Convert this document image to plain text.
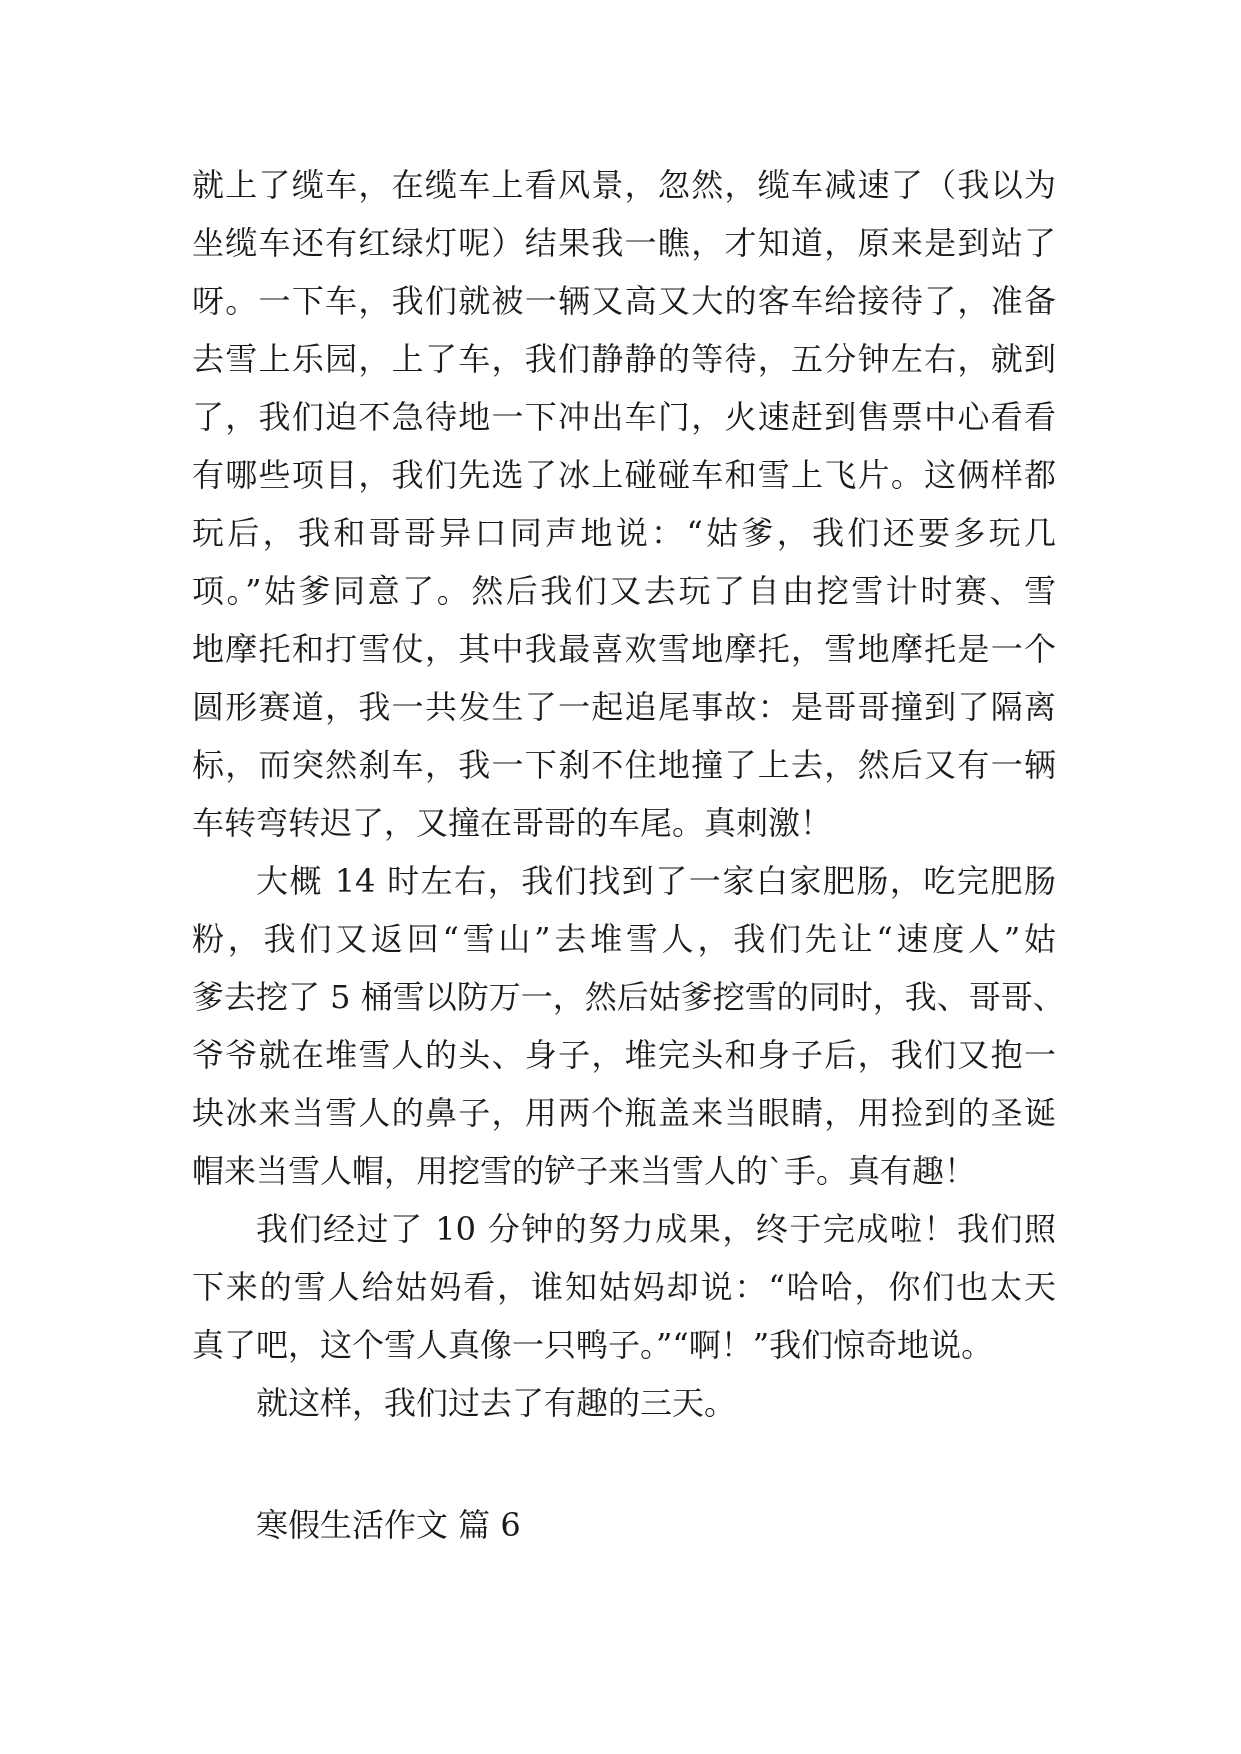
就上了缆车，在缆车上看风景，忽然，缆车减速了（我以为
坐缆车还有红绿灯呢）结果我一瞧，才知道，原来是到站了
呀。一下车，我们就被一辆又高又大的客车给接待了，准备
去雪上乐园，上了车，我们静静的等待，五分钟左右，就到
了，我们迫不急待地一下冲出车门，火速赶到售票中心看看
有哪些项目，我们先选了冰上碰碰车和雪上飞片。这俩样都
玩后，我和哥哥异口同声地说：“姑爹，我们还要多玩几
项。”姑爹同意了。然后我们又去玩了自由挖雪计时赛、雪
地摩托和打雪仗，其中我最喜欢雪地摩托，雪地摩托是一个
圆形赛道，我一共发生了一起追尾事故：是哥哥撞到了隔离
标，而突然刹车，我一下刹不住地撞了上去，然后又有一辆
车转弯转迟了，又撞在哥哥的车尾。真刺激！
大概 14 时左右，我们找到了一家白家肥肠，吃完肥肠
粉，我们又返回“雪山”去堆雪人，我们先让“速度人”姑
爹去挖了 5 桶雪以防万一，然后姑爹挖雪的同时，我、哥哥、
爷爷就在堆雪人的头、身子，堆完头和身子后，我们又抱一
块冰来当雪人的鼻子，用两个瓶盖来当眼睛，用捡到的圣诞
帽来当雪人帽，用挖雪的铲子来当雪人的`手。真有趣！
我们经过了 10 分钟的努力成果，终于完成啦！我们照
下来的雪人给姑妈看，谁知姑妈却说：“哈哈，你们也太天
真了吧，这个雪人真像一只鸭子。”“啊！”我们惊奇地说。
就这样，我们过去了有趣的三天。
寒假生活作文 篇 6
